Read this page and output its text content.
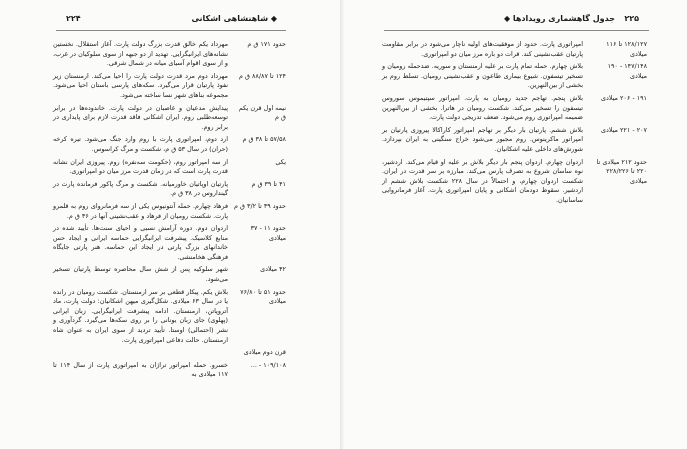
۲۲۴	◆ شاهنشاهی اشکانی
حدود ۱۷۱ ق م
مهرداد یکم خالق قدرت بزرگ دولت پارت. آغاز استقلال. نخستین نشانه‌های ایرانیگرایی. تهدید از دو جبهه از سوی سلوکیان در غرب، و از سوی اقوام آسیای میانه در شمال شرقی.
۱۲۴ تا ۸۸/۸۷ ق م
مهرداد دوم مرد قدرت دولت پارت را احیا می‌کند. ارمنستان زیر نفوذ پارتیان قرار می‌گیرد. سکه‌های پارسی باستان احیا می‌شود. مجموعه بناهای شهر نسا ساخته می‌شود.
نیمه اول قرن یکم ق م
پیدایش مدعیان و غاصبان در دولت پارت. خاندوده‌ها در برابر توسعه‌طلبی روم. ایران اشکانی فاقد قدرت لازم برای پایداری در برابر روم.
۵۷/۵۸ تا ۳۸ ق م
ارد دوم، امپراتوری پارت با روم وارد جنگ می‌شود. تیره کرخه (حران) در سال ۵۳ ق م، شکست و مرگ کراسوس.
یکی
از سه امپراتور روم، (حکومت سه‌نفره) روم. پیروزی ایران نشانه قدرت پارت است که در زمان قدرت مرز میان دو امپراتوری.
۴۱ تا ۳۹ ق م
پارتیان اوپاتیان ‌خاورمیانه. شکست و مرگ پاکور فرمانده پارت در گینداروس در ۳۸ ق م.
حدود ۳۹ تا ۳/۲ ق م
فرهاد چهارم. حمله آنتونیوس یکی از سه فرمانروای روم به قلمرو پارت. شکست رومیان از فرهاد و عقب‌نشینی آنها در ۳۶ ق م.
حدود ۱۱ - ۳۷ میلادی
اردوان دوم. دوره آرامش نسبی و احیای سنت‌ها. تأیید شده در منابع کلاسیک. پیشرفت ایرانیگرایی حماسه ایرانی و ایجاد حس خاندانهای بزرگ پارتی در ایجاد این حماسه. هنر پارتی جایگاه فرهنگی هخامنشی.
۴۲ میلادی
شهر سلوکیه پس از شش سال محاصره توسط پارتیان تسخیر می‌شود.
حدود ۵۱ تا ۷۶/۸۰ میلادی
بلاش یکم. پیکار قطعی بر سر ارمنستان. شکست رومیان در رانده یا در سال ۶۳ میلادی. شکل‌گیری میهن اشکانیان: دولت پارت، ماد آتروپاتن، ارمنستان. ادامه پیشرفت ایرانیگرایی. زبان ایرانی (پهلوی) جای زبان یونانی را بر روی سکه‌ها می‌گیرد. گردآوری و نشر (احتمالی) اوستا. تأیید تردید از سوی ایران به عنوان شاه ارمنستان. حالت دفاعی امپراتوری پارت.
قرن دوم میلادی
۱۰۹/۱۰۸ - ...
خسرو. حمله امپراتور تراژان به امپراتوری پارت از سال ۱۱۴ تا ۱۱۷ میلادی به
۲۲۵
جدول گاهشماری رویدادها ◆
۱۲۸/۱۲۷ تا ۱۱۶ میلادی
امپراتوری پارت. حدود از موفقیت‌های اولیه ناچار می‌شود در برابر مقاومت پارتیان عقب‌نشینی کند. قرات دو باره مرز میان دو امپراتوری.
۱۴۷/۱۴۸ - ۱۹۰ میلادی
بلاش چهارم. حمله تمام پارت بر علیه ارمنستان و سوریه. ضدحمله رومیان و تسخیر تیسفون. شیوع بیماری طاعون و عقب‌نشینی رومیان. تسلط روم بر بخشی از بین‌النهرین.
۱۹۱ - ۲۰۶ میلادی
بلاش پنجم. تهاجم جدید رومیان به پارت. امپراتور سپتیموس سوروس تیسفون را تسخیر می‌کند. شکست رومیان در هاترا. بخشی از بین‌النهرین ضمیمه امپراتوری روم می‌شود. ضعف تدریجی دولت پارت.
۲۰۷ - ۲۲۱ میلادی
بلاش ششم. پارتیان بار دیگر بر تهاجم امپراتور کاراکالا پیروزی پارتیان بر امپراتور ماکرینوس. روم مجبور می‌شود خراج سنگینی به ایران بپردازد. شورش‌های داخلی علیه اشکانیان.
حدود ۲۱۲ میلادی تا ۲۲۰ تا ۲۲۸/۲۲۶ میلادی
اردوان چهارم. اردوان پنجم بار دیگر بلاش بر علیه او قیام می‌کند. اردشیر، نوه ساسان شروع به تصرف پارس می‌کند. مبارزه بر سر قدرت در ایران. شکست اردوان چهارم، و احتمالاً در سال ۲۲۸ شکست بلاش ششم از اردشیر. سقوط دودمان اشکانی و پایان امپراتوری پارت. آغاز فرمانروایی ساسانیان.
